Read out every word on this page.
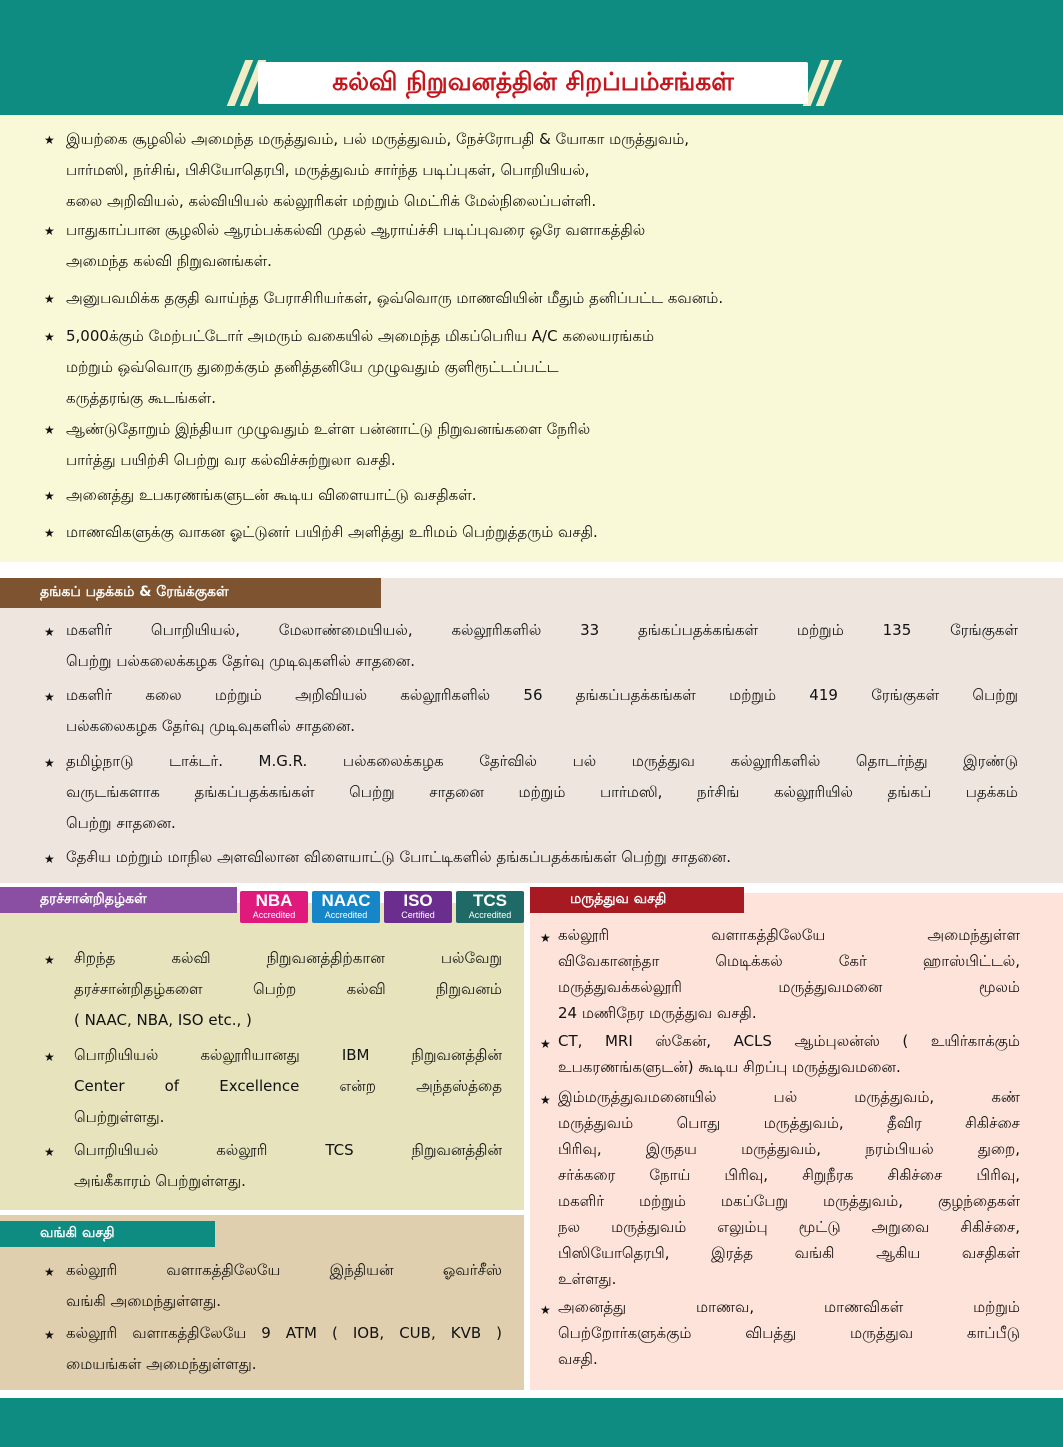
கல்வி நிறுவனத்தின் சிறப்பம்சங்கள்
தங்கப் பதக்கம் & ரேங்க்குகள்
தரச்சான்றிதழ்கள்	மருத்துவ வசதி
வங்கி வசதி
NBA
Accredited
NAAC
Accredited
ISO
Certified
TCS
Accredited
★ இயற்கை சூழலில் அமைந்த மருத்துவம், பல் மருத்துவம், நேச்ரோபதி & யோகா மருத்துவம்,

பார்மஸி, நர்சிங், பிசியோதெரபி, மருத்துவம் சார்ந்த படிப்புகள், பொறியியல்,

கலை அறிவியல், கல்வியியல் கல்லூரிகள் மற்றும் மெட்ரிக் மேல்நிலைப்பள்ளி.

★ பாதுகாப்பான சூழலில் ஆரம்பக்கல்வி முதல் ஆராய்ச்சி படிப்புவரை ஒரே வளாகத்தில்

அமைந்த கல்வி நிறுவனங்கள்.

★ அனுபவமிக்க தகுதி வாய்ந்த பேராசிரியர்கள், ஒவ்வொரு மாணவியின் மீதும் தனிப்பட்ட கவனம்.

★ 5,000க்கும் மேற்பட்டோர் அமரும் வகையில் அமைந்த மிகப்பெரிய A/C கலையரங்கம்

மற்றும் ஒவ்வொரு துறைக்கும் தனித்தனியே முழுவதும் குளிரூட்டப்பட்ட

கருத்தரங்கு கூடங்கள்.

★ ஆண்டுதோறும் இந்தியா முழுவதும் உள்ள பன்னாட்டு நிறுவனங்களை நேரில்

பார்த்து பயிற்சி பெற்று வர கல்விச்சுற்றுலா வசதி.

★ அனைத்து உபகரணங்களுடன் கூடிய விளையாட்டு வசதிகள்.

★ மாணவிகளுக்கு வாகன ஓட்டுனர் பயிற்சி அளித்து உரிமம் பெற்றுத்தரும் வசதி.

★ மகளிர் பொறியியல், மேலாண்மையியல், கல்லூரிகளில் 33 தங்கப்பதக்கங்கள் மற்றும் 135 ரேங்குகள்

பெற்று பல்கலைக்கழக தேர்வு முடிவுகளில் சாதனை.

★ மகளிர் கலை மற்றும் அறிவியல் கல்லூரிகளில் 56 தங்கப்பதக்கங்கள் மற்றும் 419 ரேங்குகள் பெற்று

பல்கலைகழக தேர்வு முடிவுகளில் சாதனை.

★ தமிழ்நாடு டாக்டர். M.G.R. பல்கலைக்கழக தேர்வில் பல் மருத்துவ கல்லூரிகளில் தொடர்ந்து இரண்டு

வருடங்களாக தங்கப்பதக்கங்கள் பெற்று சாதனை மற்றும் பார்மஸி, நர்சிங் கல்லூரியில் தங்கப் பதக்கம்

பெற்று சாதனை.

★ தேசிய மற்றும் மாநில அளவிலான விளையாட்டு போட்டிகளில் தங்கப்பதக்கங்கள் பெற்று சாதனை.

★ சிறந்த கல்வி நிறுவனத்திற்கான பல்வேறு

தரச்சான்றிதழ்களை பெற்ற கல்வி நிறுவனம்

( NAAC, NBA, ISO etc., )

★ பொறியியல் கல்லூரியானது IBM நிறுவனத்தின்

Center of Excellence என்ற அந்தஸ்த்தை

பெற்றுள்ளது.

★ பொறியியல் கல்லூரி TCS நிறுவனத்தின்

அங்கீகாரம் பெற்றுள்ளது.

★ கல்லூரி வளாகத்திலேயே இந்தியன் ஓவர்சீஸ்

வங்கி அமைந்துள்ளது.

★ கல்லூரி வளாகத்திலேயே 9 ATM ( IOB, CUB, KVB )

மையங்கள் அமைந்துள்ளது.

★ கல்லூரி வளாகத்திலேயே அமைந்துள்ள

விவேகானந்தா மெடிக்கல் கேர் ஹாஸ்பிட்டல்,

மருத்துவக்கல்லூரி மருத்துவமனை மூலம்

24 மணிநேர மருத்துவ வசதி.

★ CT, MRI ஸ்கேன், ACLS ஆம்புலன்ஸ் ( உயிர்காக்கும்

உபகரணங்களுடன்) கூடிய சிறப்பு மருத்துவமனை.

★ இம்மருத்துவமனையில் பல் மருத்துவம், கண்

மருத்துவம் பொது மருத்துவம், தீவிர சிகிச்சை

பிரிவு, இருதய மருத்துவம், நரம்பியல் துறை,

சர்க்கரை நோய் பிரிவு, சிறுநீரக சிகிச்சை பிரிவு,

மகளிர் மற்றும் மகப்பேறு மருத்துவம், குழந்தைகள்

நல மருத்துவம் எலும்பு மூட்டு அறுவை சிகிச்சை,

பிஸியோதெரபி, இரத்த வங்கி ஆகிய வசதிகள்

உள்ளது.

★ அனைத்து மாணவ, மாணவிகள் மற்றும்

பெற்றோர்களுக்கும் விபத்து மருத்துவ காப்பீடு

வசதி.
